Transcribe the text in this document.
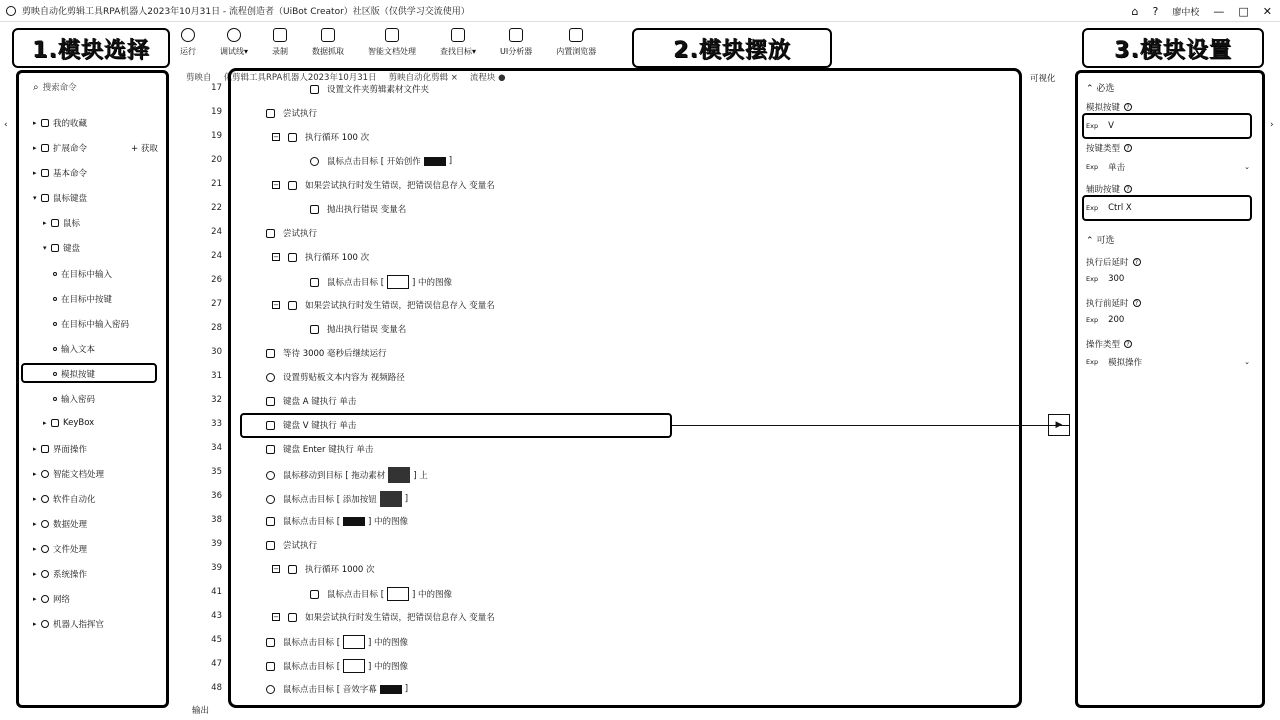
剪映自动化剪辑工具RPA机器人2023年10月31日 - 流程创造者（UiBot Creator）社区版（仅供学习交流使用）	⌂ ? 廖中校 — □ ✕
1.模块选择	2.模块摆放	3.模块设置
运行	调试线▾	录制	数据抓取	智能文档处理	查找目标▾	UI分析器	内置浏览器
⌕ 搜索命令
▸	我的收藏
▸	扩展命令	+ 获取
▸	基本命令
▾	鼠标键盘
▸	鼠标
▾	键盘
在目标中输入
在目标中按键
在目标中输入密码
输入文本
模拟按键
输入密码
▸	KeyBox
▸	界面操作
▸	智能文档处理
▸	软件自动化
▸	数据处理
▸	文件处理
▸	系统操作
▸	网络
▸	机器人指挥官
剪映自 化剪辑工具RPA机器人2023年10月31日 剪映自动化剪辑 × 流程块 ●
17	设置文件夹剪辑素材文件夹
19	尝试执行
19	−	执行循环 100 次
20	鼠标点击目标 [ 开始创作	]
21	−	如果尝试执行时发生错误，把错误信息存入 变量名
22	抛出执行错误 变量名
24	尝试执行
24	−	执行循环 100 次
26	鼠标点击目标 [	] 中的图像
27	−	如果尝试执行时发生错误，把错误信息存入 变量名
28	抛出执行错误 变量名
30	等待 3000 毫秒后继续运行
31	设置剪贴板文本内容为 视频路径
32	键盘 A 键执行 单击
33	键盘 V 键执行 单击
34	键盘 Enter 键执行 单击
35	鼠标移动到目标 [ 拖动素材	] 上
36	鼠标点击目标 [ 添加按钮	]
38	鼠标点击目标 [	] 中的图像
39	尝试执行
39	−	执行循环 1000 次
41	鼠标点击目标 [	] 中的图像
43	−	如果尝试执行时发生错误，把错误信息存入 变量名
45	鼠标点击目标 [	] 中的图像
47	鼠标点击目标 [	] 中的图像
48	鼠标点击目标 [ 音效字幕	]
▶
可视化
输出
‹	›
⌃ 必选
⌃ 可选
模拟按键	?
Exp V
按键类型	?
Exp 单击	⌄
辅助按键	?
Exp Ctrl X
执行后延时	?
Exp 300
执行前延时	?
Exp 200
操作类型	?
Exp 模拟操作	⌄
